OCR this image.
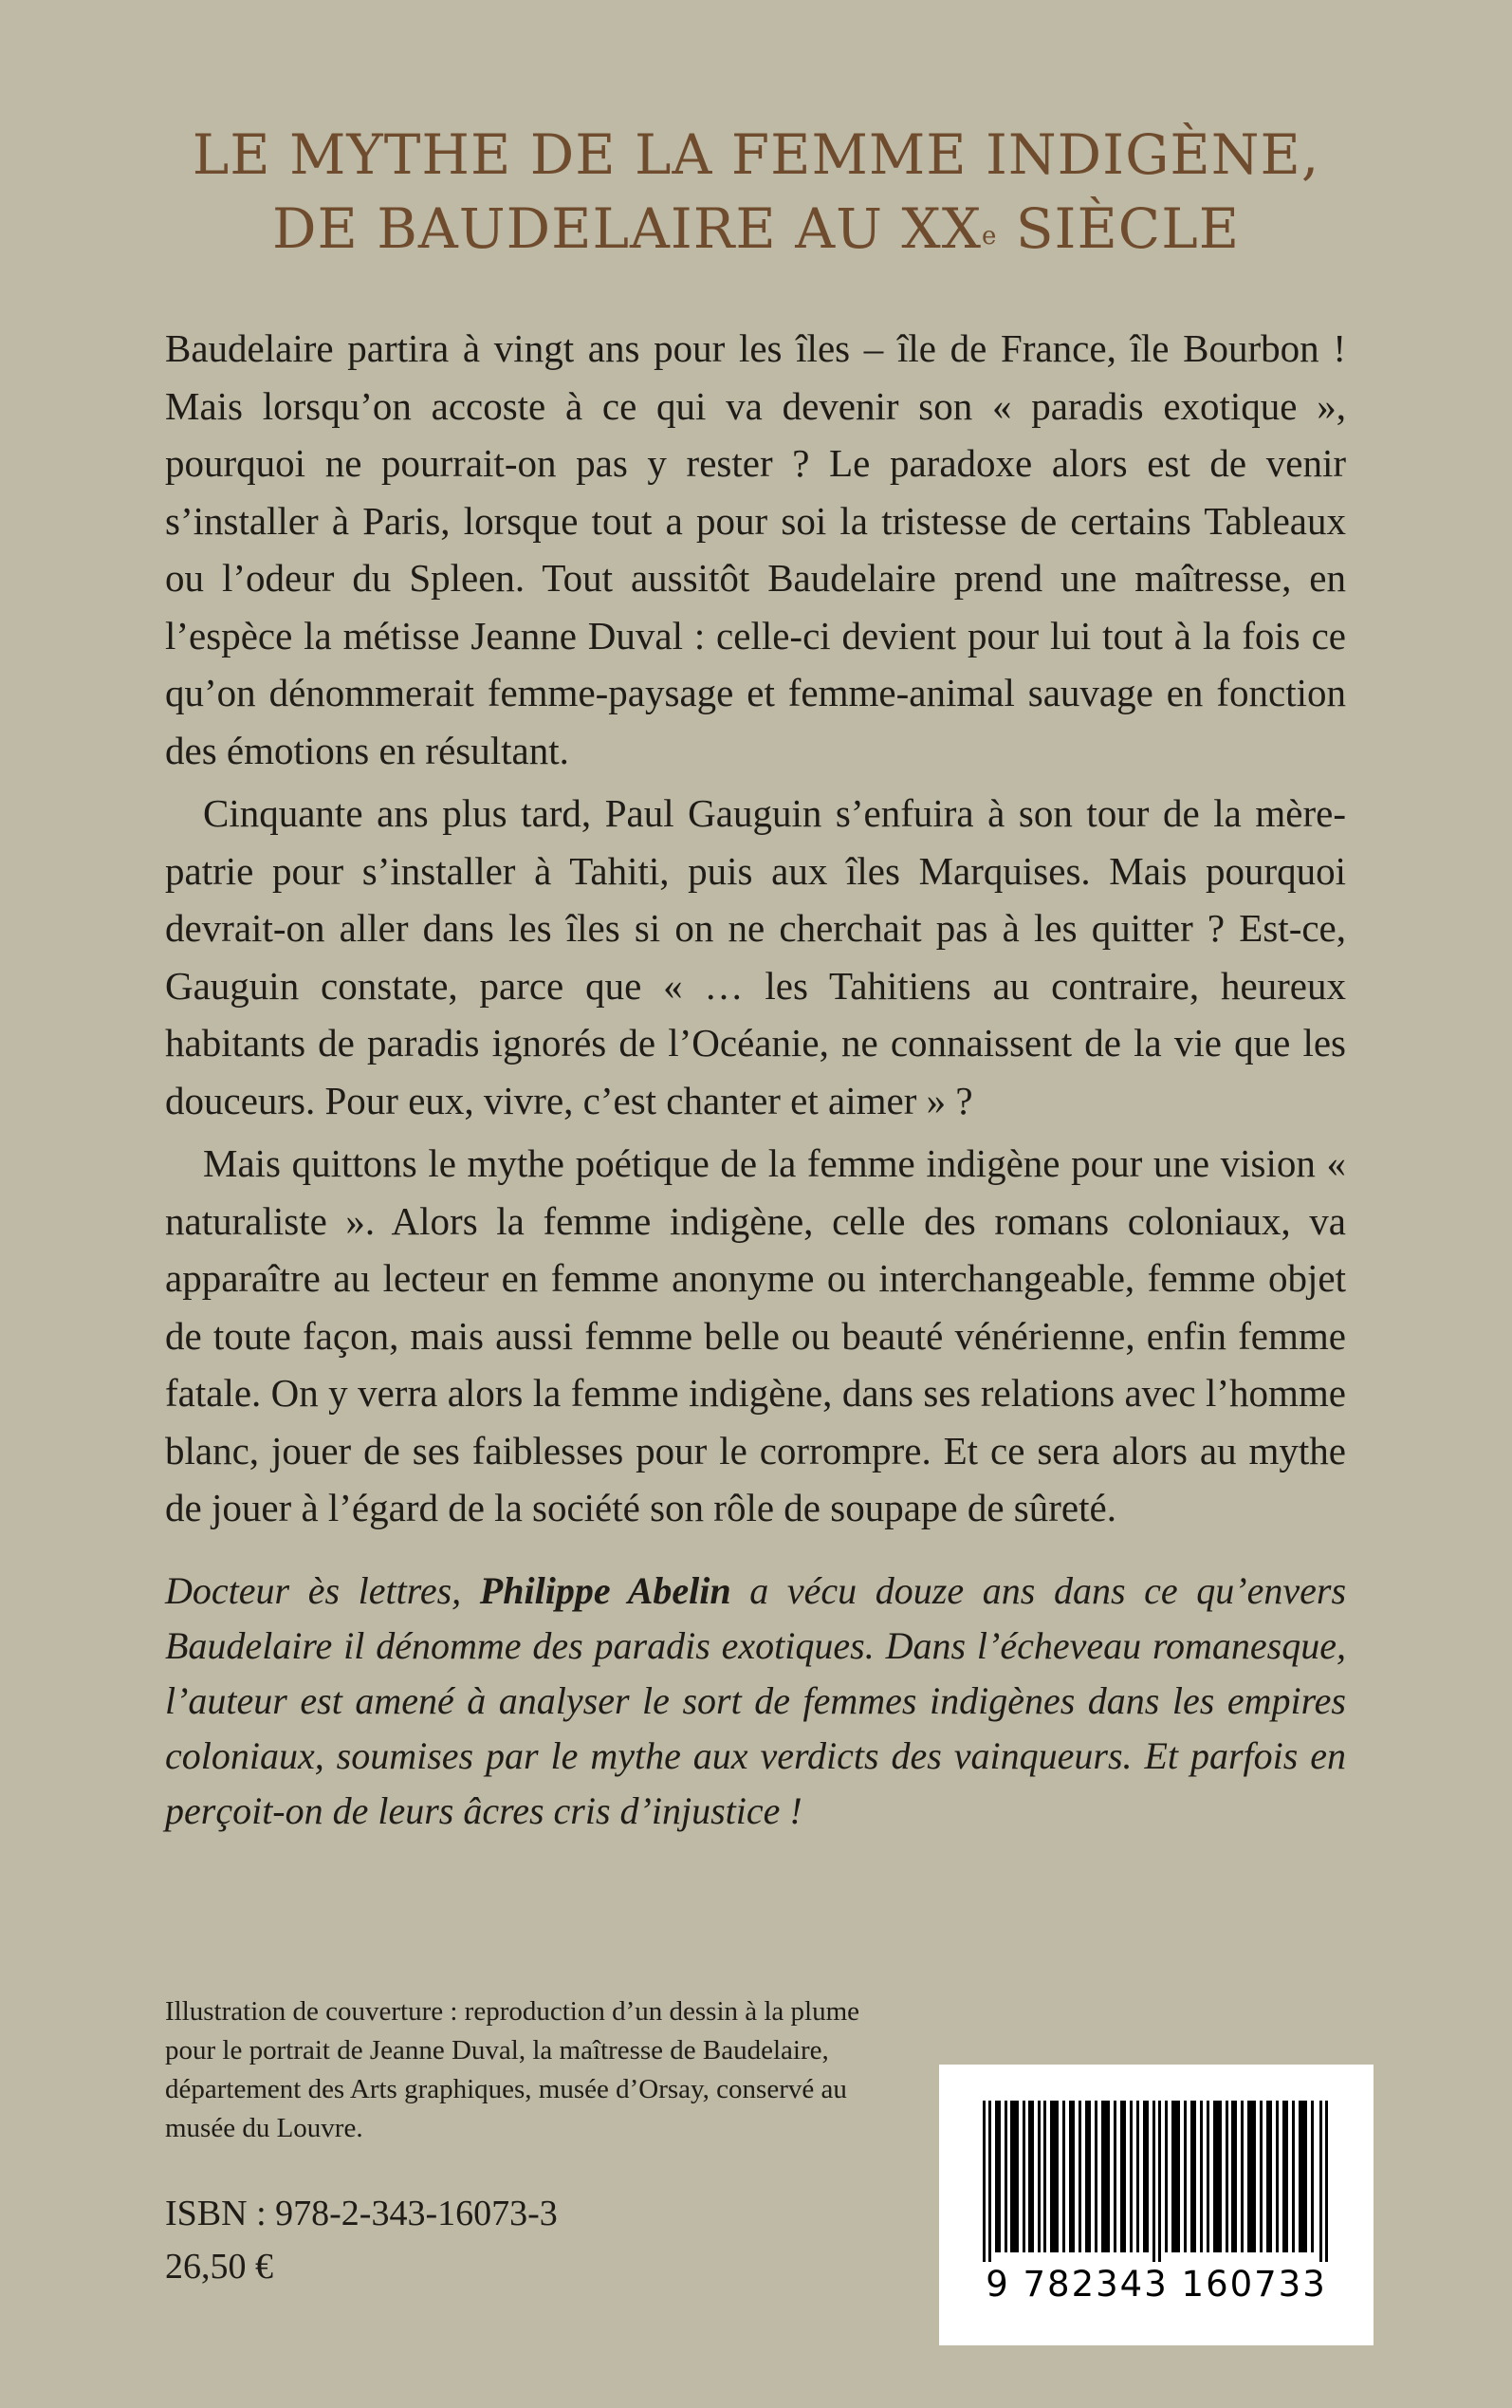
LE MYTHE DE LA FEMME INDIGÈNE,
DE BAUDELAIRE AU XXe SIÈCLE

Baudelaire partira à vingt ans pour les îles – île de France, île Bourbon ! Mais lorsqu’on accoste à ce qui va devenir son « paradis exotique », pourquoi ne pourrait-on pas y rester ? Le paradoxe alors est de venir s’installer à Paris, lorsque tout a pour soi la tristesse de certains Tableaux ou l’odeur du Spleen. Tout aussitôt Baudelaire prend une maîtresse, en l’espèce la métisse Jeanne Duval : celle-ci devient pour lui tout à la fois ce qu’on dénommerait femme-paysage et femme-animal sauvage en fonction des émotions en résultant.

Cinquante ans plus tard, Paul Gauguin s’enfuira à son tour de la mère-patrie pour s’installer à Tahiti, puis aux îles Marquises. Mais pourquoi devrait-on aller dans les îles si on ne cherchait pas à les quitter ? Est-ce, Gauguin constate, parce que « … les Tahitiens au contraire, heureux habitants de paradis ignorés de l’Océanie, ne connaissent de la vie que les douceurs. Pour eux, vivre, c’est chanter et aimer » ?

Mais quittons le mythe poétique de la femme indigène pour une vision « naturaliste ». Alors la femme indigène, celle des romans coloniaux, va apparaître au lecteur en femme anonyme ou interchangeable, femme objet de toute façon, mais aussi femme belle ou beauté vénérienne, enfin femme fatale. On y verra alors la femme indigène, dans ses relations avec l’homme blanc, jouer de ses faiblesses pour le corrompre. Et ce sera alors au mythe de jouer à l’égard de la société son rôle de soupape de sûreté.

Docteur ès lettres, Philippe Abelin a vécu douze ans dans ce qu’envers Baudelaire il dénomme des paradis exotiques. Dans l’écheveau romanesque, l’auteur est amené à analyser le sort de femmes indigènes dans les empires coloniaux, soumises par le mythe aux verdicts des vainqueurs. Et parfois en perçoit-on de leurs âcres cris d’injustice !
Illustration de couverture : reproduction d’un dessin à la plume pour le portrait de Jeanne Duval, la maîtresse de Baudelaire, département des Arts graphiques, musée d’Orsay, conservé au musée du Louvre.
ISBN : 978-2-343-16073-3
26,50 €	9 782343 160733
